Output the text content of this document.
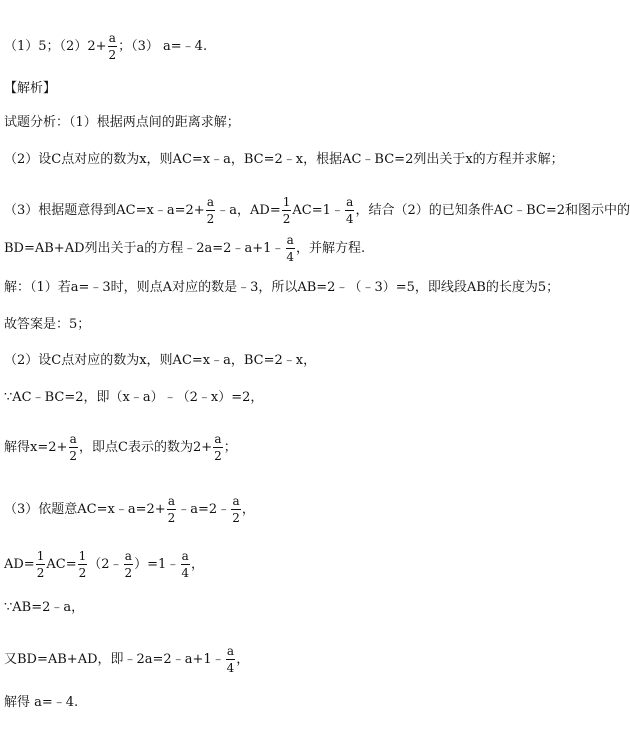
（1）5；$(2)2+ \frac{a}{2}$ ；（3） a=﹣4.
【解析】
试题分析：（1）根据两点间的距离求解；
（2）设C点对应的数为x，则AC=x﹣a，BC=2﹣x，根据AC﹣BC=2列出关于x的方程并求解；
（3）根据题意得到AC=x﹣a=2+ $\frac{a}{2}$ ﹣a，$AD= \frac{1}{2}$ AC=1﹣ $\frac{a}{4}$ ，结合（2）的已知条件AC﹣BC=2和图示中的
BD=AB+AD列出关于a的方程﹣2a=2﹣a+1﹣ $\frac{a}{4}$ ，并解方程.
解：（1）若a=﹣3时，则点A对应的数是﹣3，所以AB=2﹣（﹣3）=5，即线段AB的长度为5；
故答案是：5；
（2）设C点对应的数为x，则AC=x﹣a，BC=2﹣x，
∵AC﹣BC=2，即（x﹣a）﹣（2﹣x）=2，
解得$x=2+ \frac{a}{2}$ ，即点C表示的数为$2+ \frac{a}{2}$ ；
（3）依题意AC=x﹣a=2+ $\frac{a}{2}$ ﹣a=2﹣ $\frac{a}{2}$ ，
$AD= \frac{1}{2} AC= \frac{1}{2}$ （2﹣ $\frac{a}{2}$ ）=1﹣ $\frac{a}{4}$ ，
∵AB=2﹣a，
又BD=AB+AD，即﹣2a=2﹣a+1﹣ $\frac{a}{4}$ ，
解得 a=﹣4.
